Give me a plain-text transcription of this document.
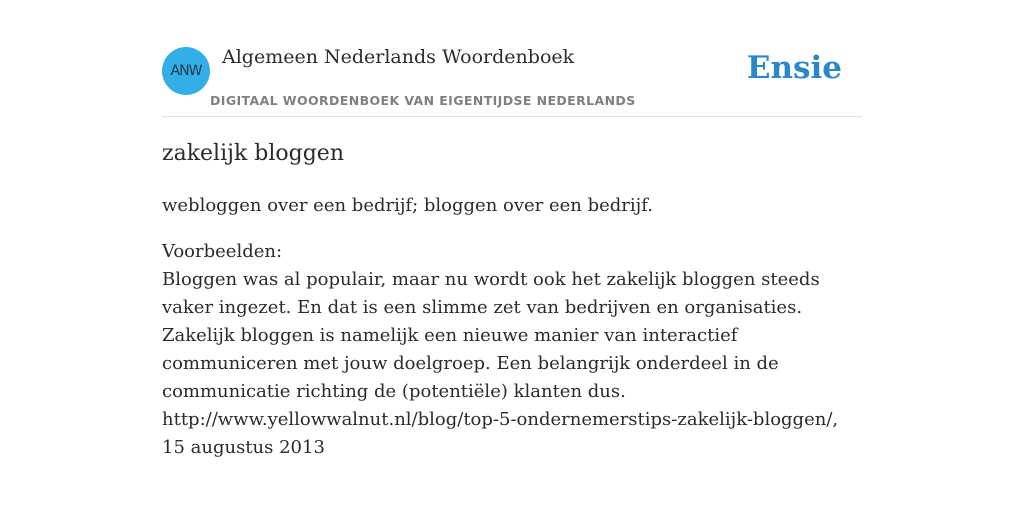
ANW
Algemeen Nederlands Woordenboek
DIGITAAL WOORDENBOEK VAN EIGENTIJDSE NEDERLANDS
Ensie
zakelijk bloggen

webloggen over een bedrijf; bloggen over een bedrijf.

Voorbeelden:
Bloggen was al populair, maar nu wordt ook het zakelijk bloggen steeds vaker ingezet. En dat is een slimme zet van bedrijven en organisaties. Zakelijk bloggen is namelijk een nieuwe manier van interactief communiceren met jouw doelgroep. Een belangrijk onderdeel in de communicatie richting de (potentiële) klanten dus.
http://www.yellowwalnut.nl/blog/top-5-ondernemerstips-zakelijk-bloggen/, 15 augustus 2013
